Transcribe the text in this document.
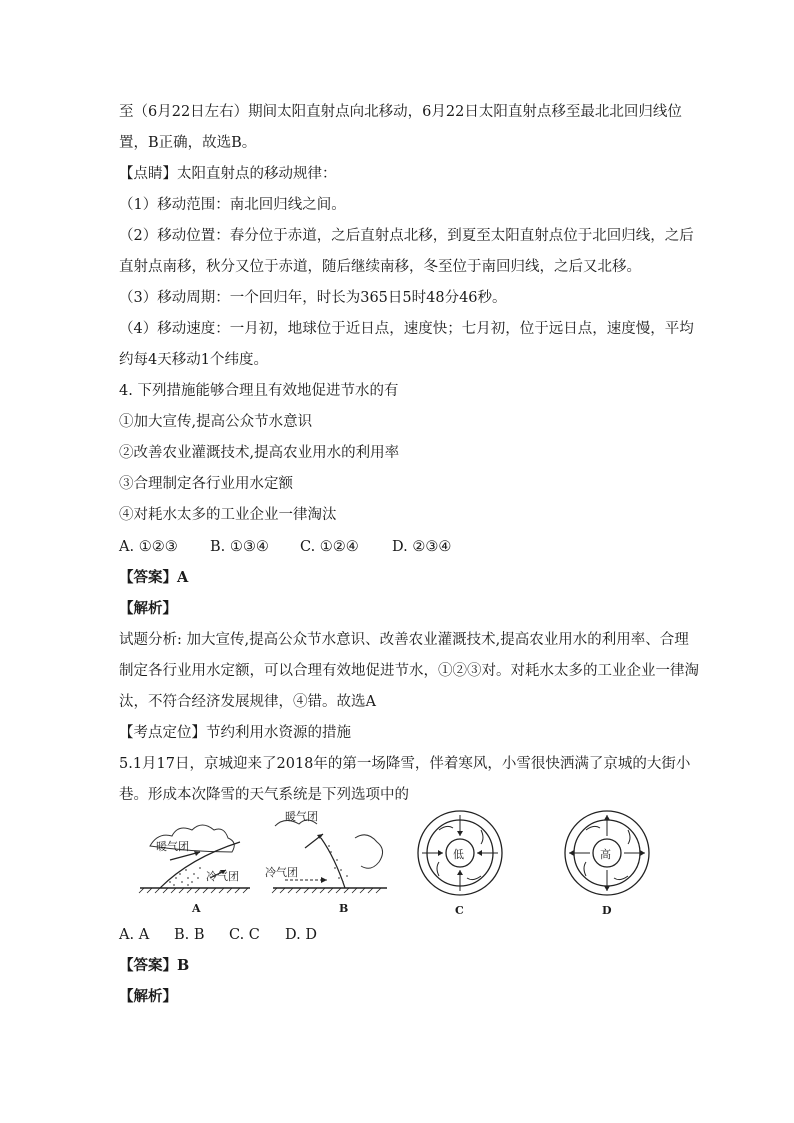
至（6月22日左右）期间太阳直射点向北移动，6月22日太阳直射点移至最北北回归线位
置，B正确，故选B。
【点睛】太阳直射点的移动规律：
（1）移动范围：南北回归线之间。
（2）移动位置：春分位于赤道，之后直射点北移，到夏至太阳直射点位于北回归线，之后
直射点南移，秋分又位于赤道，随后继续南移，冬至位于南回归线，之后又北移。
（3）移动周期：一个回归年，时长为365日5时48分46秒。
（4）移动速度：一月初，地球位于近日点，速度快；七月初，位于远日点，速度慢，平均
约每4天移动1个纬度。
4. 下列措施能够合理且有效地促进节水的有
①加大宣传,提高公众节水意识
②改善农业灌溉技术,提高农业用水的利用率
③合理制定各行业用水定额
④对耗水太多的工业企业一律淘汰
A. ①②③ B. ①③④ C. ①②④ D. ②③④
【答案】A
【解析】
试题分析: 加大宣传,提高公众节水意识、改善农业灌溉技术,提高农业用水的利用率、合理
制定各行业用水定额，可以合理有效地促进节水，①②③对。对耗水太多的工业企业一律淘
汰，不符合经济发展规律，④错。故选A
【考点定位】节约利用水资源的措施
5.1月17日，京城迎来了2018年的第一场降雪，伴着寒风，小雪很快洒满了京城的大街小
巷。形成本次降雪的天气系统是下列选项中的
暖气团
冷气团
A
暖气团
冷气团
B
低
C
高
D
A. A B. B C. C D. D
【答案】B
【解析】
